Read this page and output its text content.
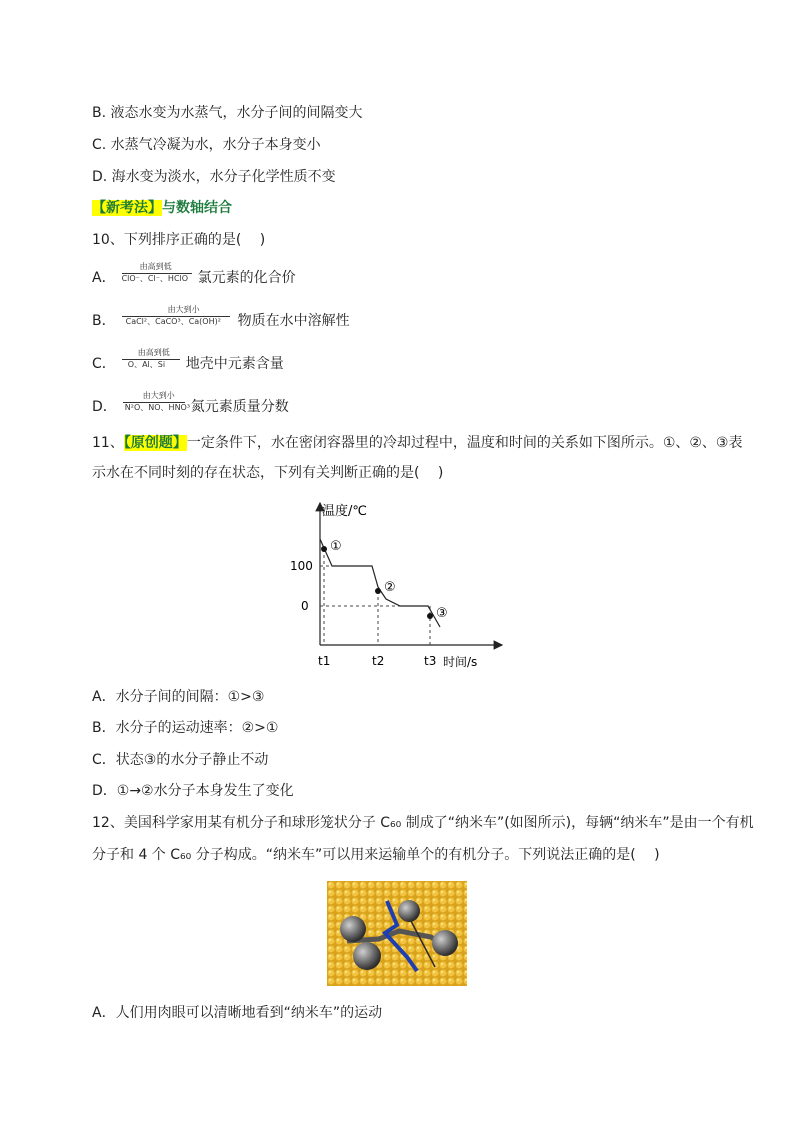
B. 液态水变为水蒸气，水分子间的间隔变大
C. 水蒸气冷凝为水，水分子本身变小
D. 海水变为淡水，水分子化学性质不变
【新考法】与数轴结合
10、下列排序正确的是(　 )
A．
由高到低
ClO⁻、Cl⁻、HClO 氯元素的化合价
B．
由大到小
CaCl²、CaCO³、Ca(OH)² 物质在水中溶解性
C．
由高到低
O、Al、Si 地壳中元素含量
D．
由大到小
N²O、NO、HNO³ 氮元素质量分数
11、【原创题】一定条件下，水在密闭容器里的冷却过程中，温度和时间的关系如下图所示。①、②、③表
示水在不同时刻的存在状态，下列有关判断正确的是(　 )
温度/℃
时间/s
100
0
①
②
③
t1	t2	t3
A．水分子间的间隔：①>③
B．水分子的运动速率：②>①
C．状态③的水分子静止不动
D．①→②水分子本身发生了变化
12、美国科学家用某有机分子和球形笼状分子 C₆₀ 制成了“纳米车”(如图所示)，每辆“纳米车”是由一个有机
分子和 4 个 C₆₀ 分子构成。“纳米车”可以用来运输单个的有机分子。下列说法正确的是(　 )
A．人们用肉眼可以清晰地看到“纳米车”的运动
